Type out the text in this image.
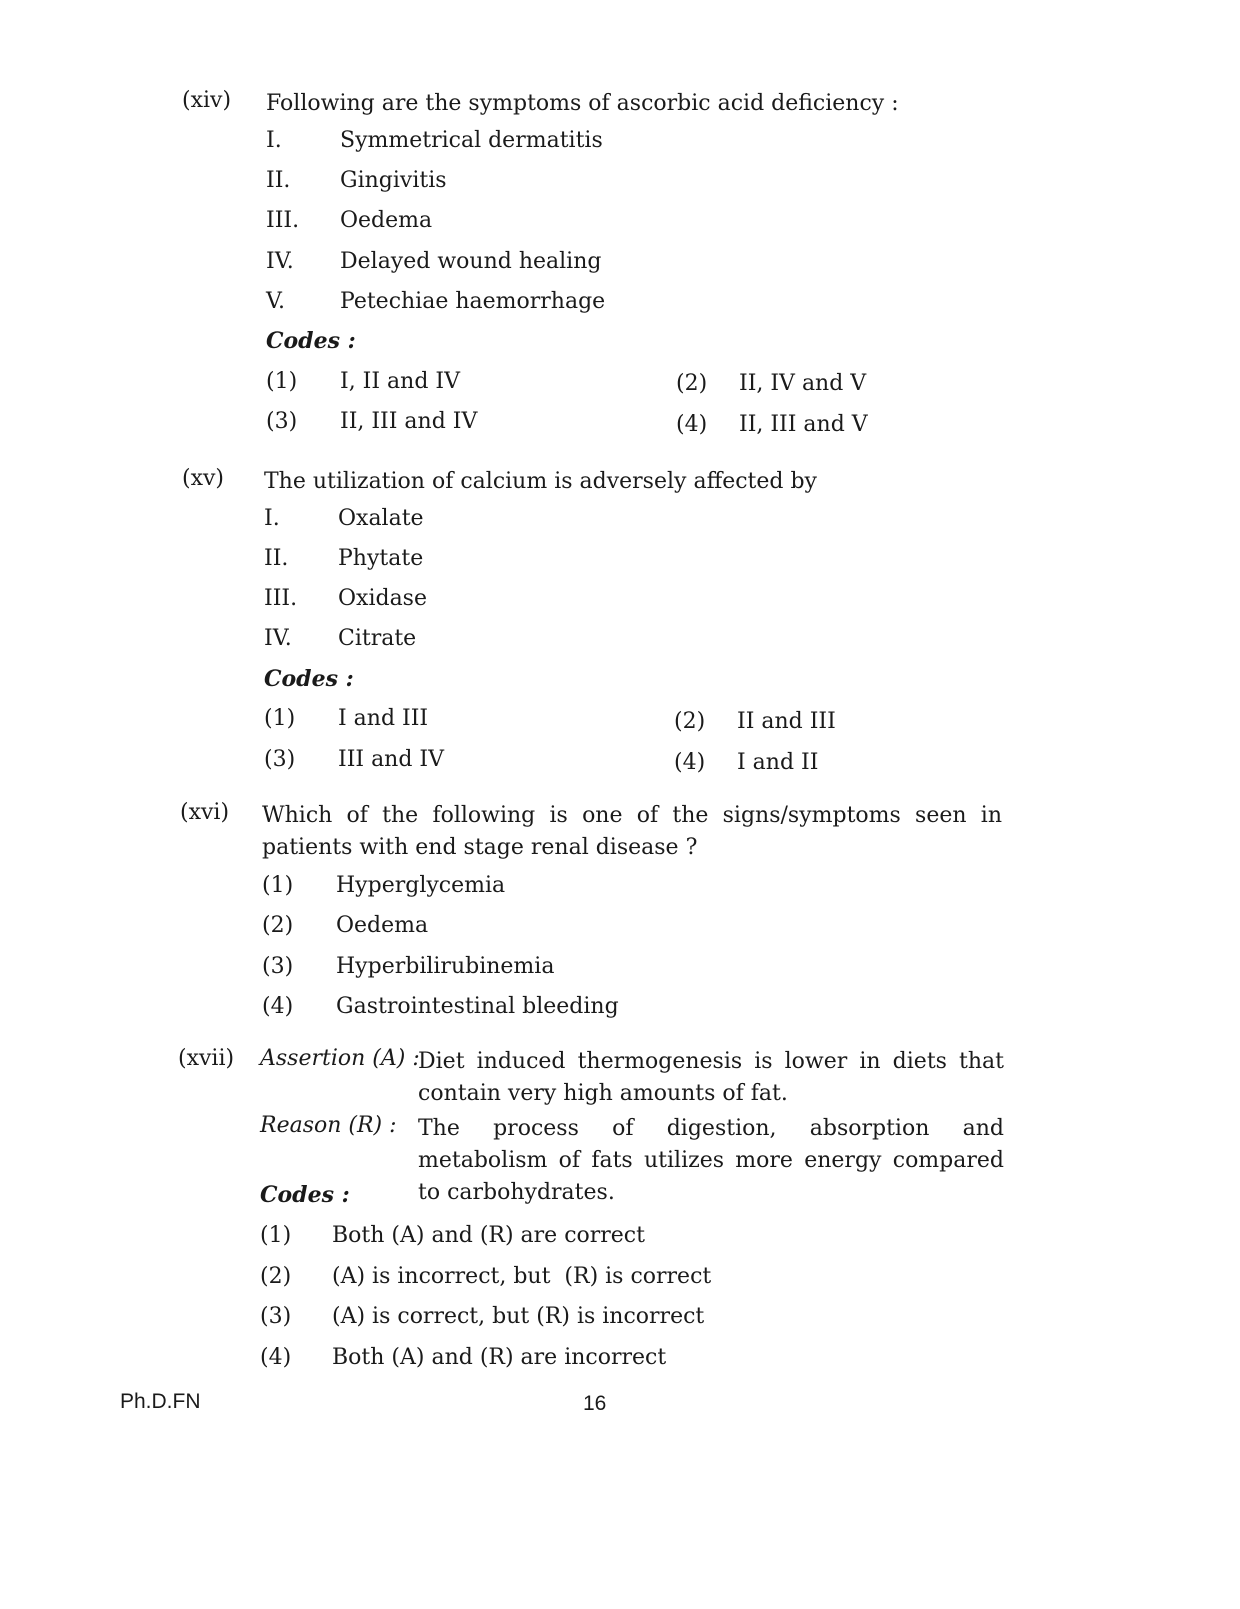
(xiv) Following are the symptoms of ascorbic acid deficiency :
I.	Symmetrical dermatitis
II. Gingivitis
III. Oedema
IV. Delayed wound healing
V. Petechiae haemorrhage
Codes :
(1) I, II and IV	(2) II, IV and V
(3) II, III and IV	(4) II, III and V
(xv) The utilization of calcium is adversely affected by
I.	Oxalate
II. Phytate
III. Oxidase
IV. Citrate
Codes :
(1) I and III	(2) II and III
(3) III and IV	(4) I and II
(xvi) Which of the following is one of the signs/symptoms seen in patients with end stage renal disease ?
(1) Hyperglycemia
(2) Oedema
(3) Hyperbilirubinemia
(4) Gastrointestinal bleeding
(xvii) Assertion (A) :
Diet induced thermogenesis is lower in diets that contain very high amounts of fat.
Reason (R) : The process of digestion, absorption and metabolism of fats utilizes more energy compared to carbohydrates.
Codes :
(1) Both (A) and (R) are correct
(2) (A) is incorrect, but  (R) is correct
(3) (A) is correct, but (R) is incorrect
(4) Both (A) and (R) are incorrect
Ph.D.FN	16
